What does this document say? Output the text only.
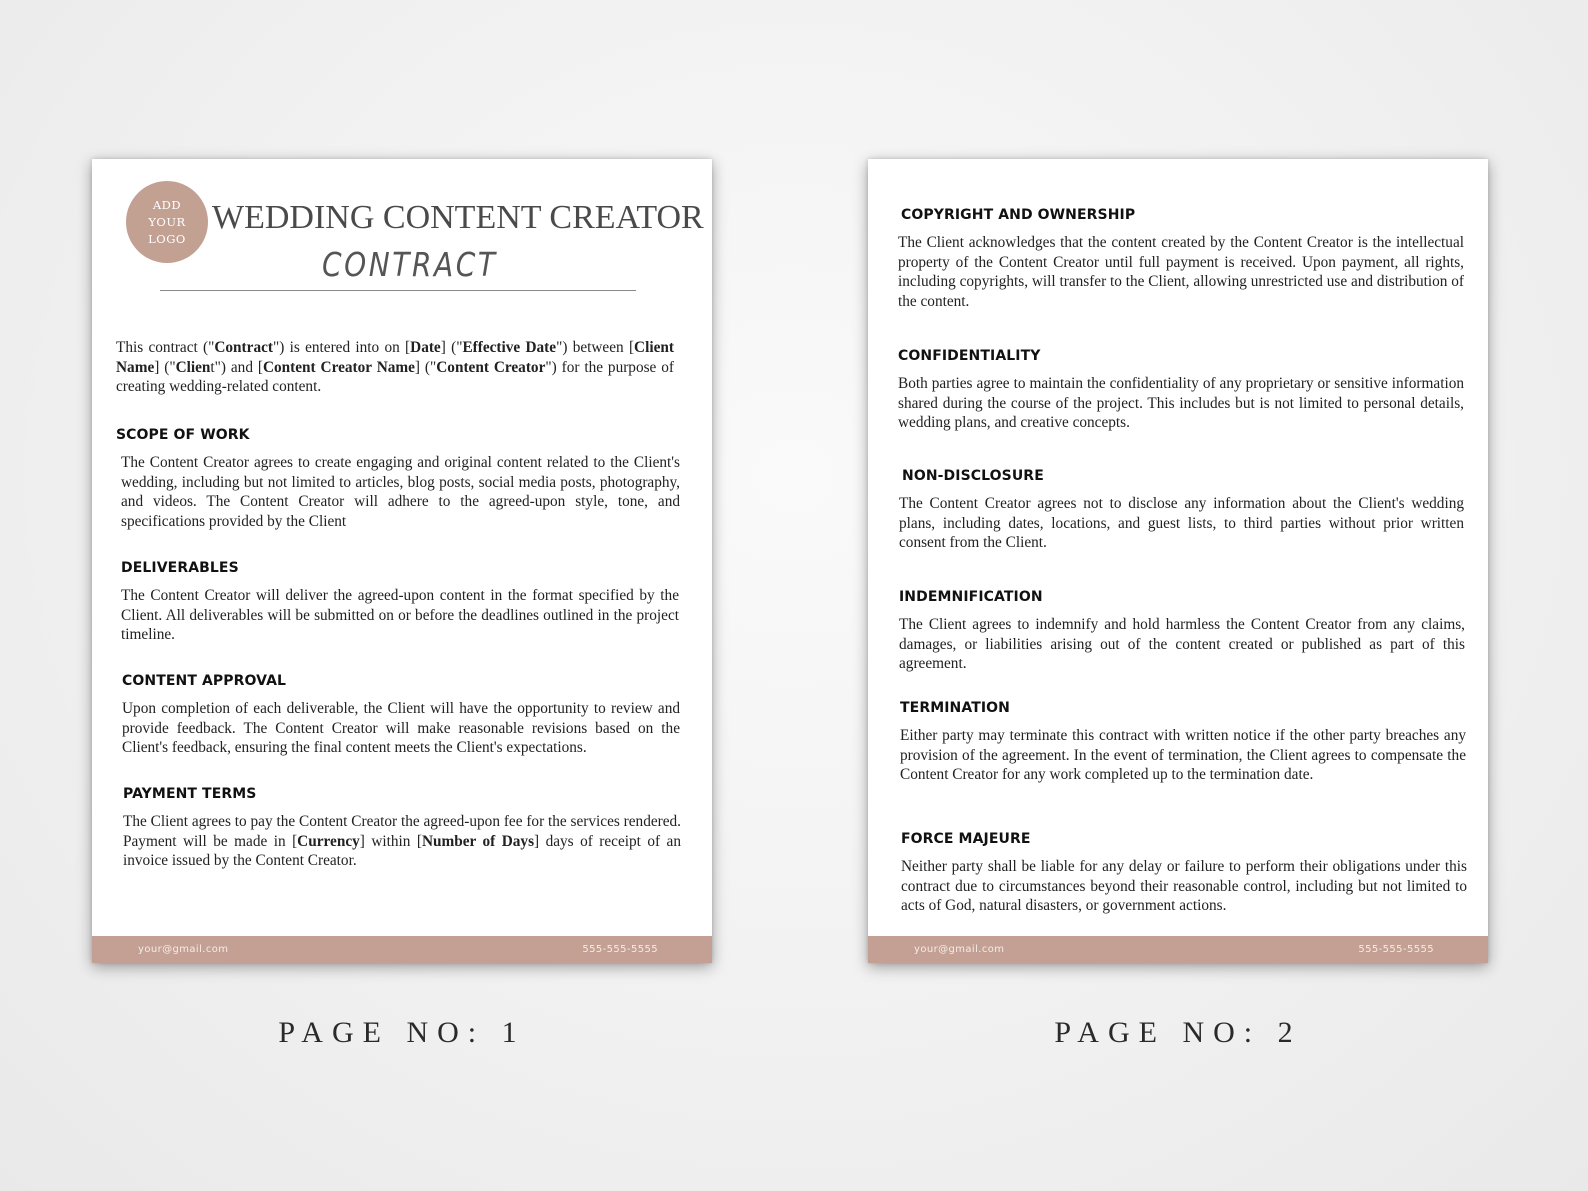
ADD
YOUR
LOGO
WEDDING CONTENT CREATOR
CONTRACT

This contract ("Contract") is entered into on [Date] ("Effective Date") between [Client Name] ("Client") and [Content Creator Name] ("Content Creator") for the purpose of creating wedding-related content.

SCOPE OF WORK

The Content Creator agrees to create engaging and original content related to the Client's wedding, including but not limited to articles, blog posts, social media posts, photography, and videos. The Content Creator will adhere to the agreed-upon style, tone, and specifications provided by the Client

DELIVERABLES

The Content Creator will deliver the agreed-upon content in the format specified by the Client. All deliverables will be submitted on or before the deadlines outlined in the project timeline.

CONTENT APPROVAL

Upon completion of each deliverable, the Client will have the opportunity to review and provide feedback. The Content Creator will make reasonable revisions based on the Client's feedback, ensuring the final content meets the Client's expectations.

PAYMENT TERMS

The Client agrees to pay the Content Creator the agreed-upon fee for the services rendered. Payment will be made in [Currency] within [Number of Days] days of receipt of an invoice issued by the Content Creator.

your@gmail.com	555-555-5555
COPYRIGHT AND OWNERSHIP

The Client acknowledges that the content created by the Content Creator is the intellectual property of the Content Creator until full payment is received. Upon payment, all rights, including copyrights, will transfer to the Client, allowing unrestricted use and distribution of the content.

CONFIDENTIALITY

Both parties agree to maintain the confidentiality of any proprietary or sensitive information shared during the course of the project. This includes but is not limited to personal details, wedding plans, and creative concepts.

NON-DISCLOSURE

The Content Creator agrees not to disclose any information about the Client's wedding plans, including dates, locations, and guest lists, to third parties without prior written consent from the Client.

INDEMNIFICATION

The Client agrees to indemnify and hold harmless the Content Creator from any claims, damages, or liabilities arising out of the content created or published as part of this agreement.

TERMINATION

Either party may terminate this contract with written notice if the other party breaches any provision of the agreement. In the event of termination, the Client agrees to compensate the Content Creator for any work completed up to the termination date.

FORCE MAJEURE

Neither party shall be liable for any delay or failure to perform their obligations under this contract due to circumstances beyond their reasonable control, including but not limited to acts of God, natural disasters, or government actions.

your@gmail.com	555-555-5555
PAGE NO: 1	PAGE NO: 2
